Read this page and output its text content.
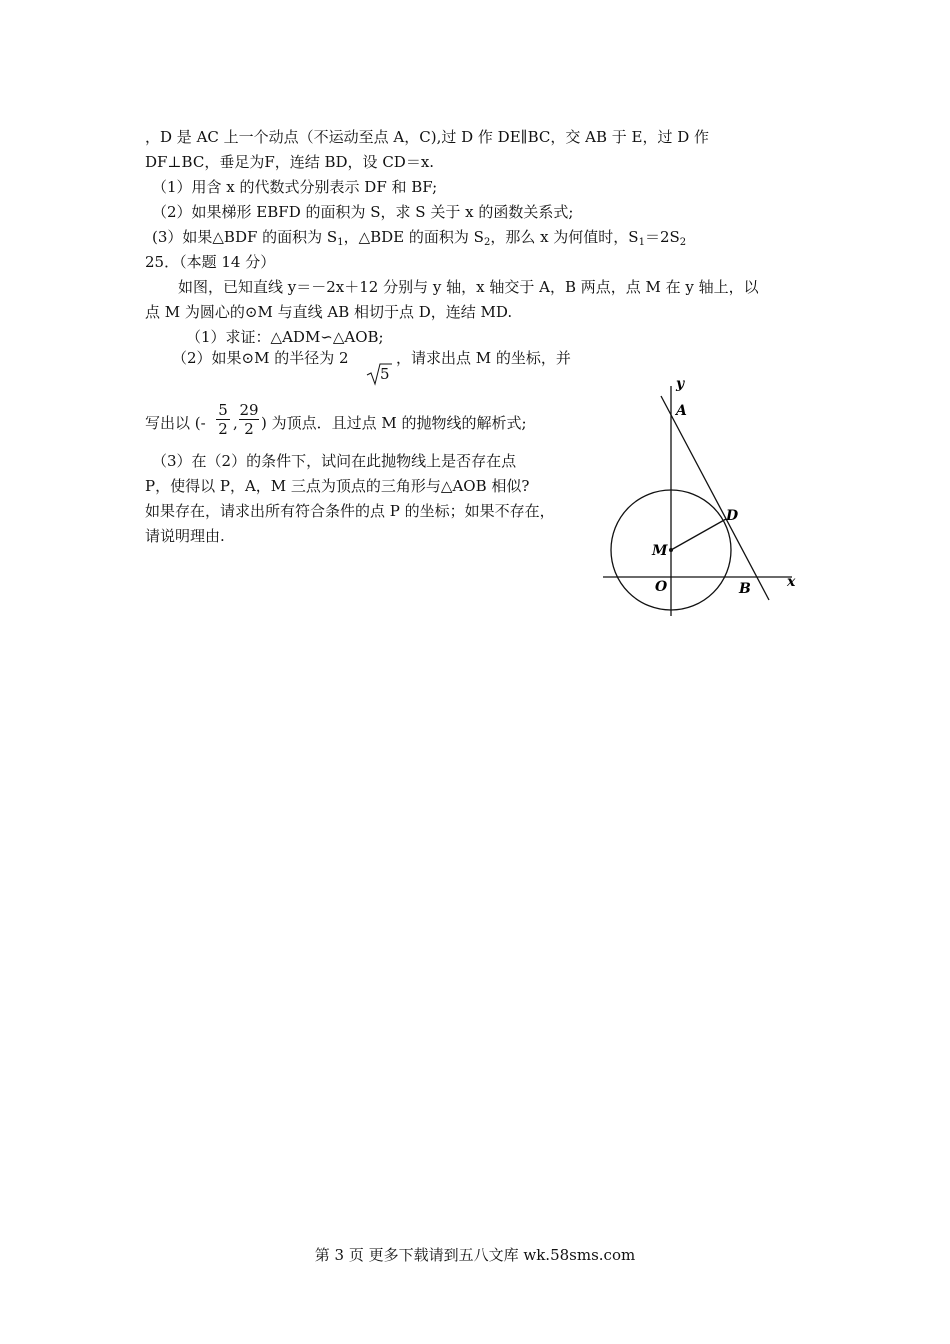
，D 是 AC 上一个动点（不运动至点 A，C),过 D 作 DE∥BC，交 AB 于 E，过 D 作
DF⊥BC，垂足为F，连结 BD，设 CD＝x.
（1）用含 x 的代数式分别表示 DF 和 BF;
（2）如果梯形 EBFD 的面积为 S，求 S 关于 x 的函数关系式;
(3）如果△BDF 的面积为 $S_1$，△BDE 的面积为 $S_2$，那么 x 为何值时，$S_1=2S_2$
25．（本题 14 分）
如图，已知直线 y＝－2x＋12 分别与 y 轴，x 轴交于 A，B 两点，点 M 在 y 轴上，以
点 M 为圆心的⊙M 与直线 AB 相切于点 D，连结 MD.
（1）求证：△ADM∽△AOB;
（2）如果⊙M 的半径为 2
5
，请求出点 M 的坐标，并
写出以 (-
5
2 ,
29
2 ) 为顶点．且过点 M 的抛物线的解析式;
（3）在（2）的条件下，试问在此抛物线上是否存在点
P，使得以 P，A，M 三点为顶点的三角形与△AOB 相似?
如果存在，请求出所有符合条件的点 P 的坐标；如果不存在，
请说明理由.
y
A
D
M
O	B	x
第 3 页 更多下载请到五八文库 wk.58sms.com
